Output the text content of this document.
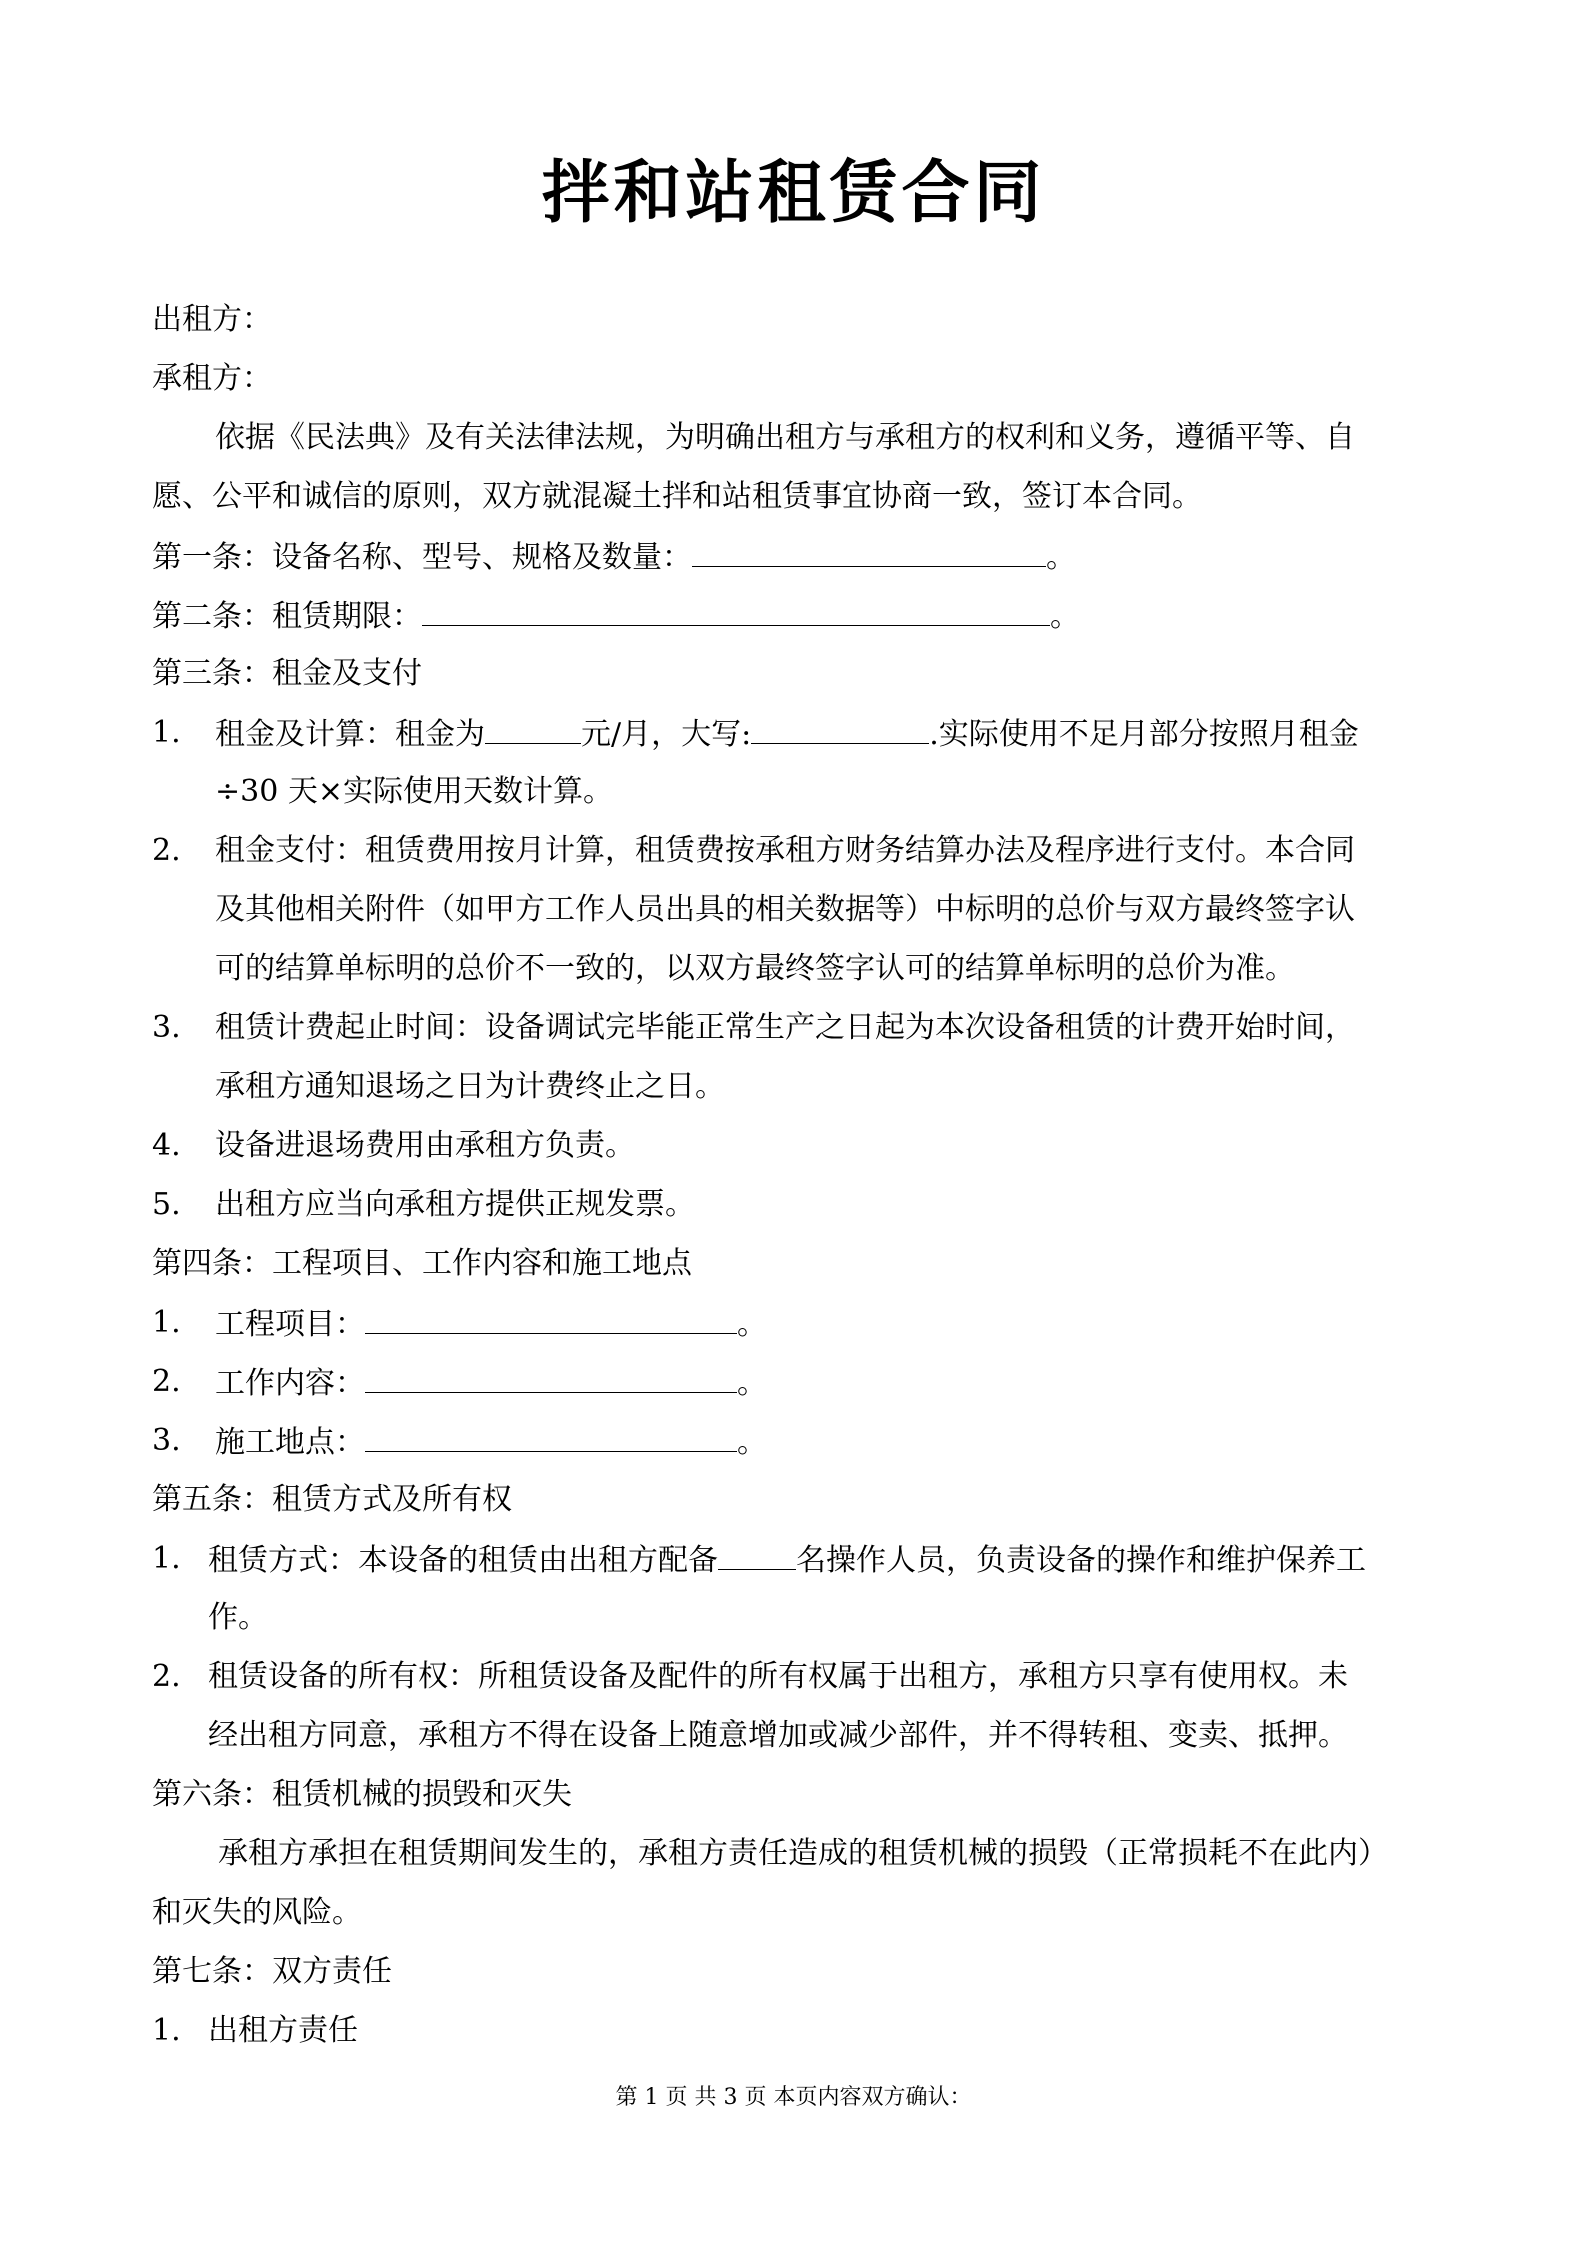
拌和站租赁合同
出租方：
承租方：
依据《民法典》及有关法律法规，为明确出租方与承租方的权利和义务，遵循平等、自
愿、公平和诚信的原则，双方就混凝土拌和站租赁事宜协商一致，签订本合同。
第一条：设备名称、型号、规格及数量：	。
第二条：租赁期限：	。
第三条：租金及支付
1. 租金及计算：租金为	元/月，大写:	.实际使用不足月部分按照月租金
÷30 天×实际使用天数计算。
2. 租金支付：租赁费用按月计算，租赁费按承租方财务结算办法及程序进行支付。本合同
及其他相关附件（如甲方工作人员出具的相关数据等）中标明的总价与双方最终签字认
可的结算单标明的总价不一致的，以双方最终签字认可的结算单标明的总价为准。
3. 租赁计费起止时间：设备调试完毕能正常生产之日起为本次设备租赁的计费开始时间，
承租方通知退场之日为计费终止之日。
4. 设备进退场费用由承租方负责。
5. 出租方应当向承租方提供正规发票。
第四条：工程项目、工作内容和施工地点
1. 工程项目：	。
2. 工作内容：	。
3. 施工地点：	。
第五条：租赁方式及所有权
1. 租赁方式：本设备的租赁由出租方配备	名操作人员，负责设备的操作和维护保养工
作。
2. 租赁设备的所有权：所租赁设备及配件的所有权属于出租方，承租方只享有使用权。未
经出租方同意，承租方不得在设备上随意增加或减少部件，并不得转租、变卖、抵押。
第六条：租赁机械的损毁和灭失
承租方承担在租赁期间发生的，承租方责任造成的租赁机械的损毁（正常损耗不在此内）
和灭失的风险。
第七条：双方责任
1. 出租方责任
第 1 页 共 3 页 本页内容双方确认：
